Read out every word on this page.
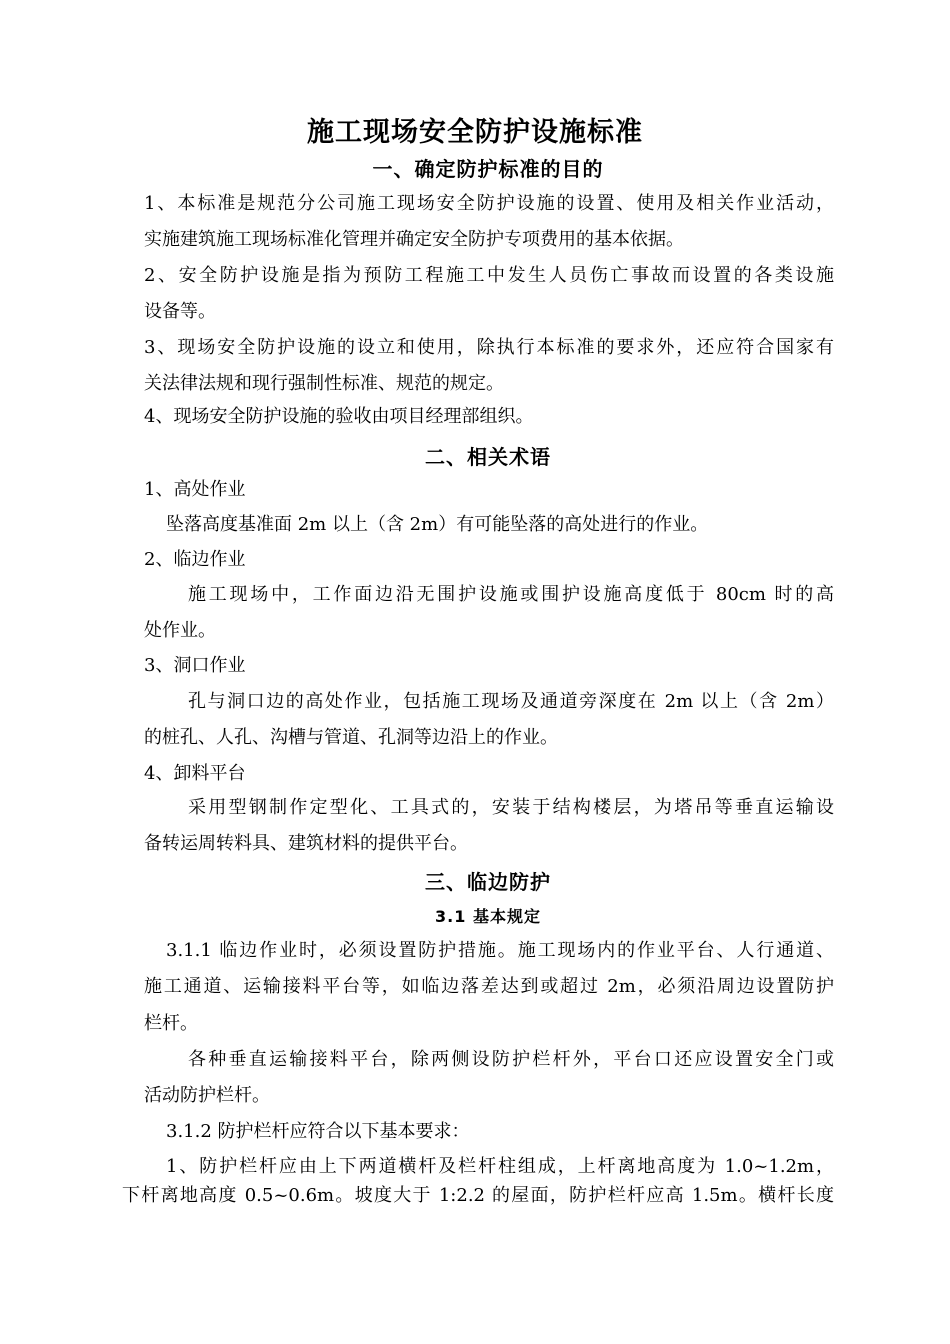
施工现场安全防护设施标准
一、确定防护标准的目的
1、本标准是规范分公司施工现场安全防护设施的设置、使用及相关作业活动，
实施建筑施工现场标准化管理并确定安全防护专项费用的基本依据。
2、安全防护设施是指为预防工程施工中发生人员伤亡事故而设置的各类设施
设备等。
3、现场安全防护设施的设立和使用，除执行本标准的要求外，还应符合国家有
关法律法规和现行强制性标准、规范的规定。
4、现场安全防护设施的验收由项目经理部组织。
二、相关术语
1、高处作业
坠落高度基准面 2m 以上（含 2m）有可能坠落的高处进行的作业。
2、临边作业
施工现场中，工作面边沿无围护设施或围护设施高度低于 80cm 时的高
处作业。
3、洞口作业
孔与洞口边的高处作业，包括施工现场及通道旁深度在 2m 以上（含 2m）
的桩孔、人孔、沟槽与管道、孔洞等边沿上的作业。
4、卸料平台
采用型钢制作定型化、工具式的，安装于结构楼层，为塔吊等垂直运输设
备转运周转料具、建筑材料的提供平台。
三、临边防护
3.1 基本规定
3.1.1 临边作业时，必须设置防护措施。施工现场内的作业平台、人行通道、
施工通道、运输接料平台等，如临边落差达到或超过 2m，必须沿周边设置防护
栏杆。
各种垂直运输接料平台，除两侧设防护栏杆外，平台口还应设置安全门或
活动防护栏杆。
3.1.2 防护栏杆应符合以下基本要求：
1、防护栏杆应由上下两道横杆及栏杆柱组成，上杆离地高度为 1.0~1.2m，
下杆离地高度 0.5~0.6m。坡度大于 1:2.2 的屋面，防护栏杆应高 1.5m。横杆长度
